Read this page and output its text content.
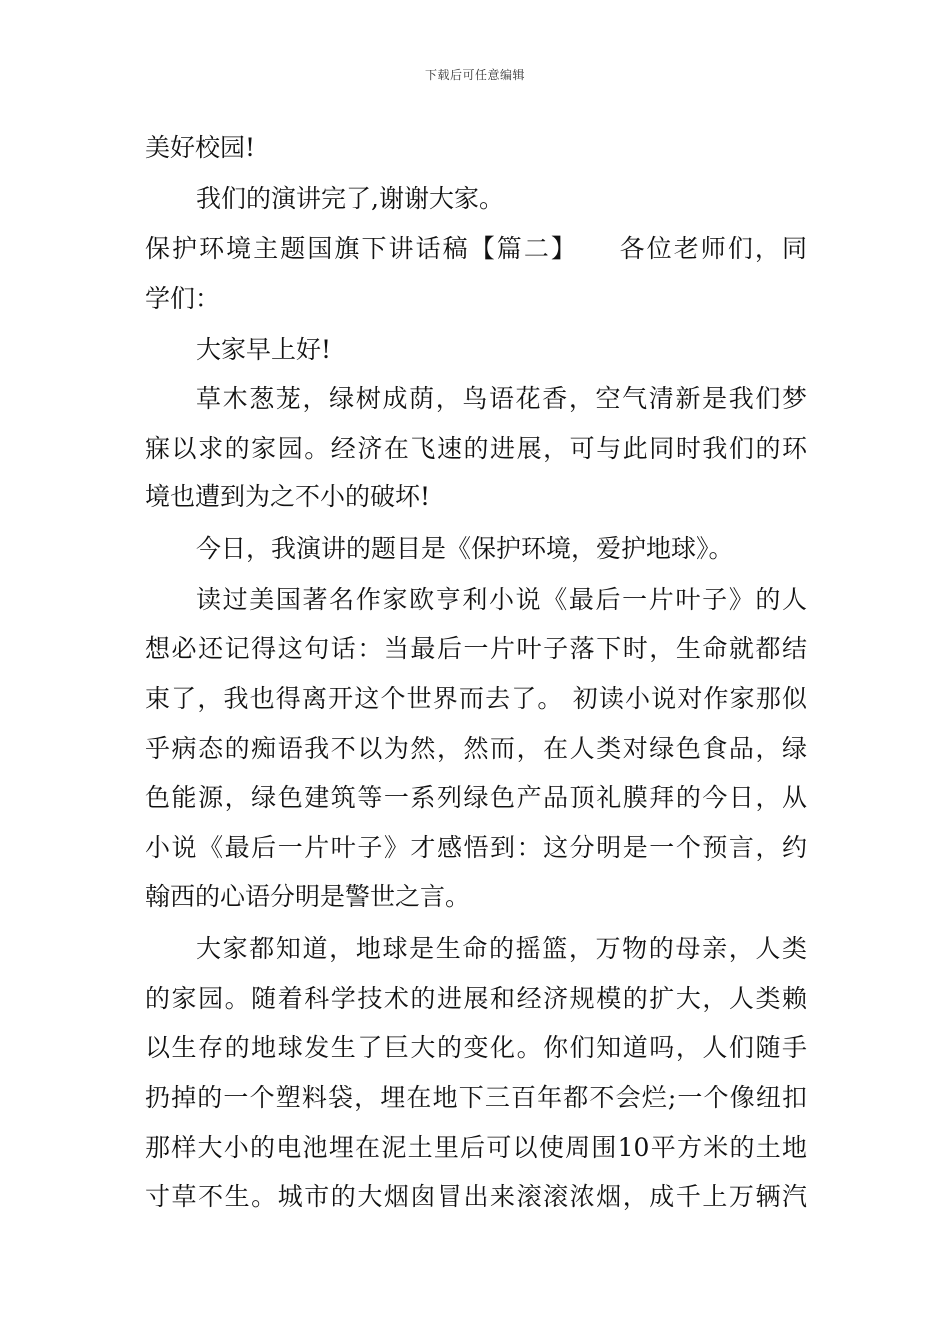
下载后可任意编辑
美好校园!
我们的演讲完了,谢谢大家。
保护环境主题国旗下讲话稿【篇二】　　各位老师们，同
学们：
大家早上好!
草木葱茏，绿树成荫，鸟语花香，空气清新是我们梦
寐以求的家园。经济在飞速的进展，可与此同时我们的环
境也遭到为之不小的破坏!
今日，我演讲的题目是《保护环境，爱护地球》。
读过美国著名作家欧亨利小说《最后一片叶子》的人
想必还记得这句话：当最后一片叶子落下时，生命就都结
束了，我也得离开这个世界而去了。 初读小说对作家那似
乎病态的痴语我不以为然，然而，在人类对绿色食品，绿
色能源，绿色建筑等一系列绿色产品顶礼膜拜的今日，从
小说《最后一片叶子》才感悟到：这分明是一个预言，约
翰西的心语分明是警世之言。
大家都知道，地球是生命的摇篮，万物的母亲，人类
的家园。随着科学技术的进展和经济规模的扩大，人类赖
以生存的地球发生了巨大的变化。你们知道吗，人们随手
扔掉的一个塑料袋，埋在地下三百年都不会烂;一个像纽扣
那样大小的电池埋在泥土里后可以使周围10平方米的土地
寸草不生。城市的大烟囱冒出来滚滚浓烟，成千上万辆汽
